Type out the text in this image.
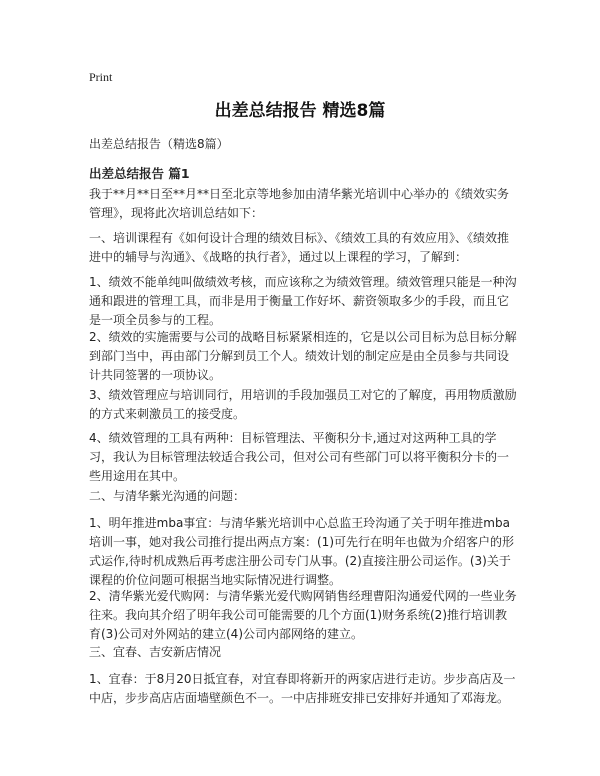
Print
出差总结报告 精选8篇
出差总结报告（精选8篇）
出差总结报告 篇1

我于**月**日至**月**日至北京等地参加由清华紫光培训中心举办的《绩效实务管理》，现将此次培训总结如下：

一、培训课程有《如何设计合理的绩效目标》、《绩效工具的有效应用》、《绩效推进中的辅导与沟通》、《战略的执行者》，通过以上课程的学习，了解到：

1、绩效不能单纯叫做绩效考核，而应该称之为绩效管理。绩效管理只能是一种沟通和跟进的管理工具，而非是用于衡量工作好坏、薪资领取多少的手段，而且它是一项全员参与的工程。

2、绩效的实施需要与公司的战略目标紧紧相连的，它是以公司目标为总目标分解到部门当中，再由部门分解到员工个人。绩效计划的制定应是由全员参与共同设计共同签署的一项协议。

3、绩效管理应与培训同行，用培训的手段加强员工对它的了解度，再用物质激励的方式来刺激员工的接受度。

4、绩效管理的工具有两种：目标管理法、平衡积分卡,通过对这两种工具的学习，我认为目标管理法较适合我公司，但对公司有些部门可以将平衡积分卡的一些用途用在其中。

二、与清华紫光沟通的问题：

1、明年推进mba事宜：与清华紫光培训中心总监王玲沟通了关于明年推进mba培训一事，她对我公司推行提出两点方案：(1)可先行在明年也做为介绍客户的形式运作,待时机成熟后再考虑注册公司专门从事。(2)直接注册公司运作。(3)关于课程的价位问题可根据当地实际情况进行调整。

2、清华紫光爱代购网：与清华紫光爱代购网销售经理曹阳沟通爱代网的一些业务往来。我向其介绍了明年我公司可能需要的几个方面(1)财务系统(2)推行培训教育(3)公司对外网站的建立(4)公司内部网络的建立。

三、宜春、吉安新店情况

1、宜春：于8月20日抵宜春，对宜春即将新开的两家店进行走访。步步高店及一中店，步步高店店面墙壁颜色不一。一中店排班安排已安排好并通知了邓海龙。
